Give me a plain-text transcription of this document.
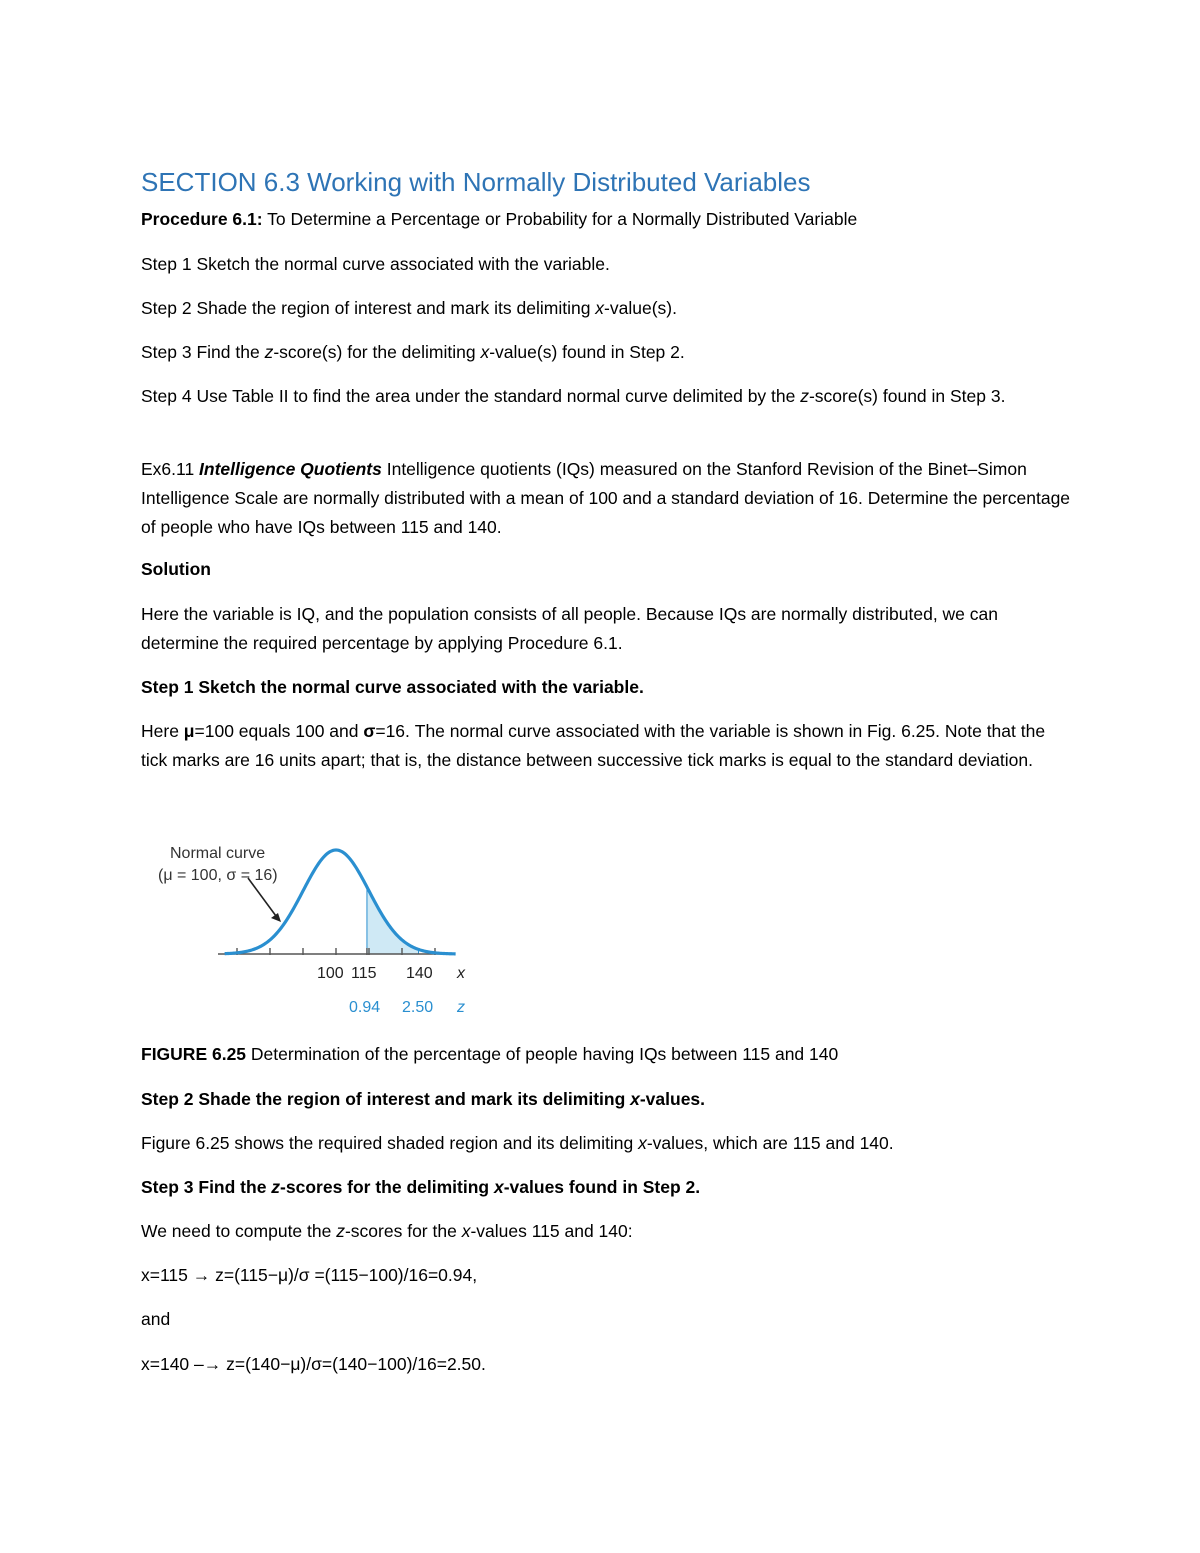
SECTION 6.3 Working with Normally Distributed Variables

Procedure 6.1: To Determine a Percentage or Probability for a Normally Distributed Variable

Step 1 Sketch the normal curve associated with the variable.

Step 2 Shade the region of interest and mark its delimiting x-value(s).

Step 3 Find the z-score(s) for the delimiting x-value(s) found in Step 2.

Step 4 Use Table II to find the area under the standard normal curve delimited by the z-score(s) found in Step 3.

Ex6.11 Intelligence Quotients Intelligence quotients (IQs) measured on the Stanford Revision of the Binet–Simon Intelligence Scale are normally distributed with a mean of 100 and a standard deviation of 16. Determine the percentage of people who have IQs between 115 and 140.

Solution

Here the variable is IQ, and the population consists of all people. Because IQs are normally distributed, we can determine the required percentage by applying Procedure 6.1.

Step 1 Sketch the normal curve associated with the variable.

Here μ=100 equals 100 and σ=16. The normal curve associated with the variable is shown in Fig. 6.25. Note that the tick marks are 16 units apart; that is, the distance between successive tick marks is equal to the standard deviation.

Normal curve
(μ = 100, σ = 16)
100 115 140 x
0.94 2.50 z

FIGURE 6.25 Determination of the percentage of people having IQs between 115 and 140

Step 2 Shade the region of interest and mark its delimiting x-values.

Figure 6.25 shows the required shaded region and its delimiting x-values, which are 115 and 140.

Step 3 Find the z-scores for the delimiting x-values found in Step 2.

We need to compute the z-scores for the x-values 115 and 140:

x=115 → z=(115−μ)/σ =(115−100)/16=0.94,

and

x=140 –→ z=(140−μ)/σ=(140−100)/16=2.50.
